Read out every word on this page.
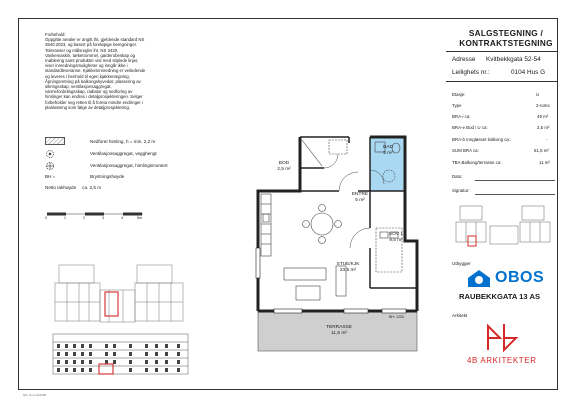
Forbehold:

Oppgitte arealer er angitt iht. gjeldende standard NS

3940:2023, og basert på foreløpige beregninger.

Toleranser og målsregler iht. NS 3420.

Vaskemaskin, tørketrommel, garderobeskap og

møblering samt produkter vist med stiplede linjer,

viser innredningsmuligheter og inngår ikke i

standardleveranse. Kjøkkeninnredning er veiledende

og leveres i henhold til egen kjøkkentegning.

Åpningsretning på balkongskyvedør, plassering av

sikringsskap, ventilasjonsaggregat,

varmefordelingsskap, radiator og nedforing av

himlinger kan endres i detaljprosjekteringen. Selger

forbeholder seg retten til å foreta mindre endringer i

planløsning som følge av detaljprosjektering.

Nedforet himling, h = min. 2,2 m
Ventilasjonsaggregat, vegghengt
Ventilasjonsaggregat, himlingsmontert
BH =	Brystningshøyde
Netto takhøyde ca. 2,5 m
0	1	2	3	4	5m
BOD
2,5 m²
BAD
5 m²
ENTRE
5 m²
SOV 1
9,5 m²
STUE/KJK
23,5 m²
TERRASSE
11,5 m²
BH: 1200
SALGSTEGNING /
KONTRAKTSTEGNING
Adresse Kvitbekkgata 52-54
Leilighets nr.:	0104 Hus G
Etasje:	U
Type	2-roms
BRA-i ca:	49 m²
BRA-e Bod i U ca:	2,5 m²
BRA-b Inngløsset balkong ca.:	-
SUM BRA ca:	51,5 m²
TBA Balkong/terrasse ca:	11 m²
Dato:
Signatur:
Utbygger
OBOS
RAUBEKKGATA 13 AS
Arkitekt
4B ARKITEKTER
NO. G-1-10-0100
